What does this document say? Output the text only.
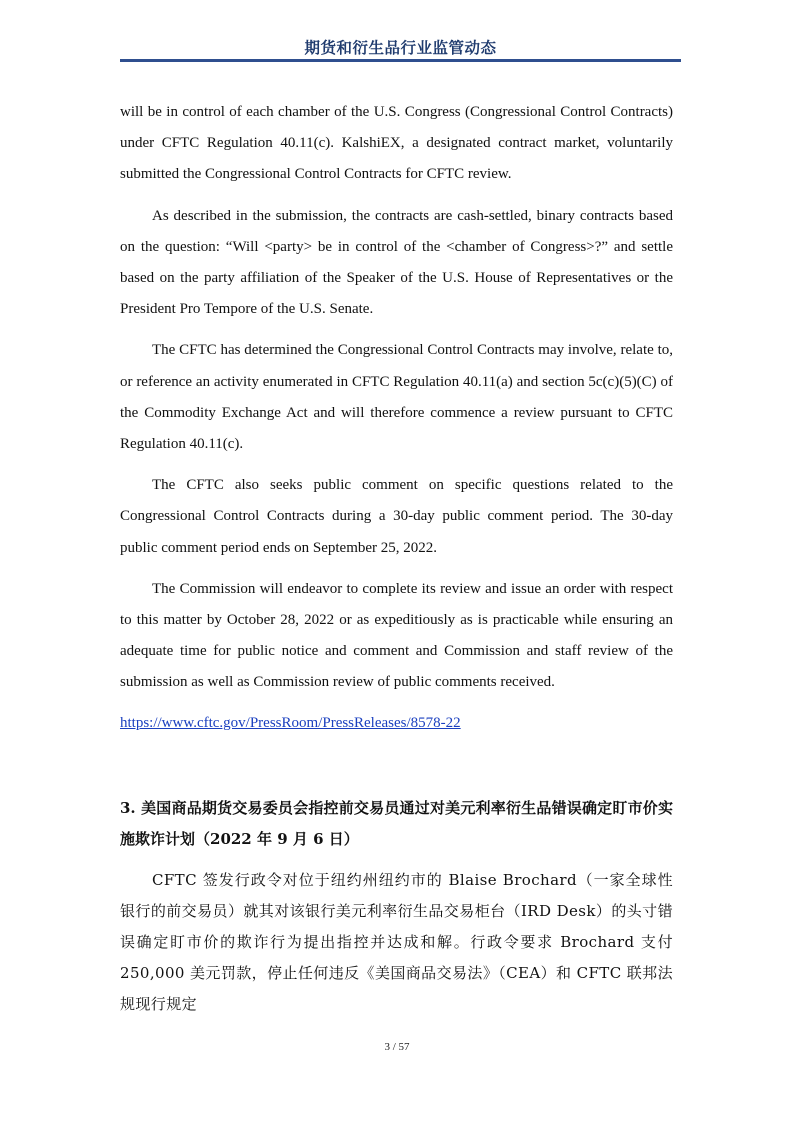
期货和衍生品行业监管动态

will be in control of each chamber of the U.S. Congress (Congressional Control Contracts) under CFTC Regulation 40.11(c). KalshiEX, a designated contract market, voluntarily submitted the Congressional Control Contracts for CFTC review.

As described in the submission, the contracts are cash-settled, binary contracts based on the question: “Will <party> be in control of the <chamber of Congress>?” and settle based on the party affiliation of the Speaker of the U.S. House of Representatives or the President Pro Tempore of the U.S. Senate.

The CFTC has determined the Congressional Control Contracts may involve, relate to, or reference an activity enumerated in CFTC Regulation 40.11(a) and section 5c(c)(5)(C) of the Commodity Exchange Act and will therefore commence a review pursuant to CFTC Regulation 40.11(c).

The CFTC also seeks public comment on specific questions related to the Congressional Control Contracts during a 30-day public comment period. The 30-day public comment period ends on September 25, 2022.

The Commission will endeavor to complete its review and issue an order with respect to this matter by October 28, 2022 or as expeditiously as is practicable while ensuring an adequate time for public notice and comment and Commission and staff review of the submission as well as Commission review of public comments received.

https://www.cftc.gov/PressRoom/PressReleases/8578-22
3. 美国商品期货交易委员会指控前交易员通过对美元利率衍生品错误确定盯市价实施欺诈计划（2022 年 9 月 6 日）

CFTC 签发行政令对位于纽约州纽约市的 Blaise Brochard（一家全球性银行的前交易员）就其对该银行美元利率衍生品交易柜台（IRD Desk）的头寸错误确定盯市价的欺诈行为提出指控并达成和解。行政令要求 Brochard 支付 250,000 美元罚款，停止任何违反《美国商品交易法》（CEA）和 CFTC 联邦法规现行规定

3 / 57
